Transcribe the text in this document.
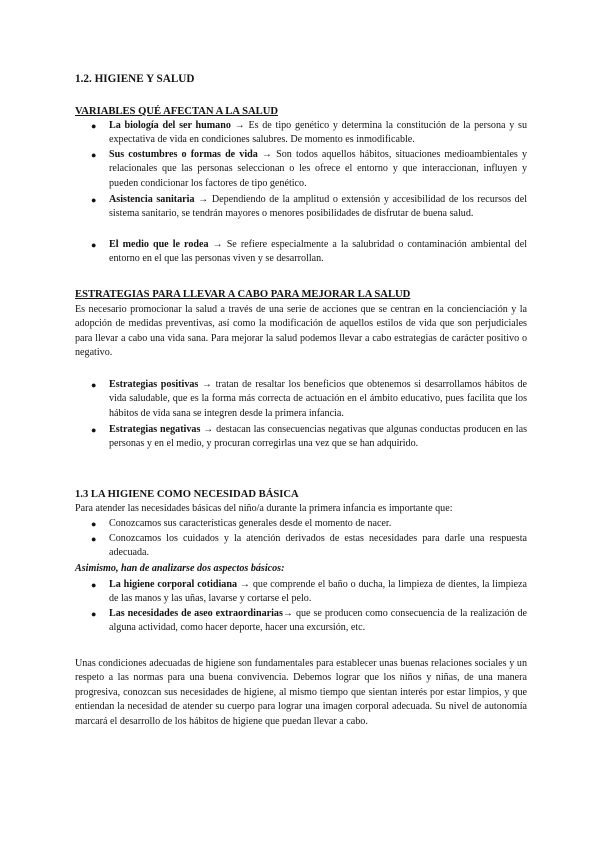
1.2. HIGIENE Y SALUD
VARIABLES QUÉ AFECTAN A LA SALUD
● La biología del ser humano → Es de tipo genético y determina la constitución de la persona y su expectativa de vida en condiciones salubres. De momento es inmodificable.
● Sus costumbres o formas de vida → Son todos aquellos hábitos, situaciones medioambientales y relacionales que las personas seleccionan o les ofrece el entorno y que interaccionan, influyen y pueden condicionar los factores de tipo genético.
● Asistencia sanitaria → Dependiendo de la amplitud o extensión y accesibilidad de los recursos del sistema sanitario, se tendrán mayores o menores posibilidades de disfrutar de buena salud.
● El medio que le rodea → Se refiere especialmente a la salubridad o contaminación ambiental del entorno en el que las personas viven y se desarrollan.
ESTRATEGIAS PARA LLEVAR A CABO PARA MEJORAR LA SALUD

Es necesario promocionar la salud a través de una serie de acciones que se centran en la concienciación y la adopción de medidas preventivas, así como la modificación de aquellos estilos de vida que son perjudiciales para llevar a cabo una vida sana. Para mejorar la salud podemos llevar a cabo estrategias de carácter positivo o negativo.

● Estrategias positivas → tratan de resaltar los beneficios que obtenemos si desarrollamos hábitos de vida saludable, que es la forma más correcta de actuación en el ámbito educativo, pues facilita que los hábitos de vida sana se integren desde la primera infancia.
● Estrategias negativas → destacan las consecuencias negativas que algunas conductas producen en las personas y en el medio, y procuran corregirlas una vez que se han adquirido.
1.3 LA HIGIENE COMO NECESIDAD BÁSICA

Para atender las necesidades básicas del niño/a durante la primera infancia es importante que:

● Conozcamos sus características generales desde el momento de nacer.
● Conozcamos los cuidados y la atención derivados de estas necesidades para darle una respuesta adecuada.

Asimismo, han de analizarse dos aspectos básicos:

● La higiene corporal cotidiana → que comprende el baño o ducha, la limpieza de dientes, la limpieza de las manos y las uñas, lavarse y cortarse el pelo.
● Las necesidades de aseo extraordinarias→ que se producen como consecuencia de la realización de alguna actividad, como hacer deporte, hacer una excursión, etc.

Unas condiciones adecuadas de higiene son fundamentales para establecer unas buenas relaciones sociales y un respeto a las normas para una buena convivencia. Debemos lograr que los niños y niñas, de una manera progresiva, conozcan sus necesidades de higiene, al mismo tiempo que sientan interés por estar limpios, y que entiendan la necesidad de atender su cuerpo para lograr una imagen corporal adecuada. Su nivel de autonomía marcará el desarrollo de los hábitos de higiene que puedan llevar a cabo.
